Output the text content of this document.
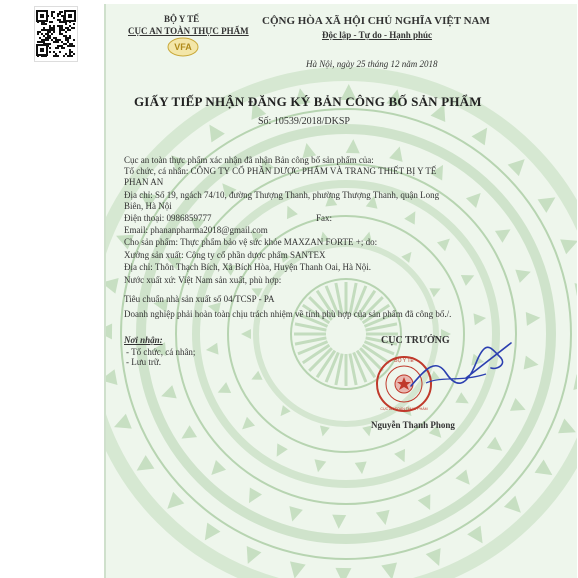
BỘ Y TẾ
CỤC AN TOÀN THỰC PHẨM
VFA
CỘNG HÒA XÃ HỘI CHỦ NGHĨA VIỆT NAM
Độc lập - Tự do - Hạnh phúc
Hà Nội, ngày 25 tháng 12 năm 2018
GIẤY TIẾP NHẬN ĐĂNG KÝ BẢN CÔNG BỐ SẢN PHẨM
Số: 10539/2018/DKSP
Cục an toàn thực phẩm xác nhận đã nhận Bản công bố sản phẩm của:
Tổ chức, cá nhân: CÔNG TY CỔ PHẦN DƯỢC PHẨM VÀ TRANG THIẾT BỊ Y TẾ
PHAN AN
Địa chỉ: Số 19, ngách 74/10, đường Thượng Thanh, phường Thượng Thanh, quận Long
Biên, Hà Nội
Điện thoại: 0986859777	Fax:
Email: phananpharma2018@gmail.com
Cho sản phẩm: Thực phẩm bảo vệ sức khỏe MAXZAN FORTE +; do:
Xưởng sản xuất: Công ty cổ phần dược phẩm SANTEX
Địa chỉ: Thôn Thạch Bích, Xã Bích Hòa, Huyện Thanh Oai, Hà Nội.
Nước xuất xứ: Việt Nam sản xuất, phù hợp:
Tiêu chuẩn nhà sản xuất số 04/TCSP - PA
Doanh nghiệp phải hoàn toàn chịu trách nhiệm về tính phù hợp của sản phẩm đã công bố./.
Nơi nhận:
- Tổ chức, cá nhân;
- Lưu trữ.
CỤC TRƯỞNG
BỘ Y TẾ
CỤC AN TOÀN THỰC PHẨM
Nguyễn Thanh Phong
